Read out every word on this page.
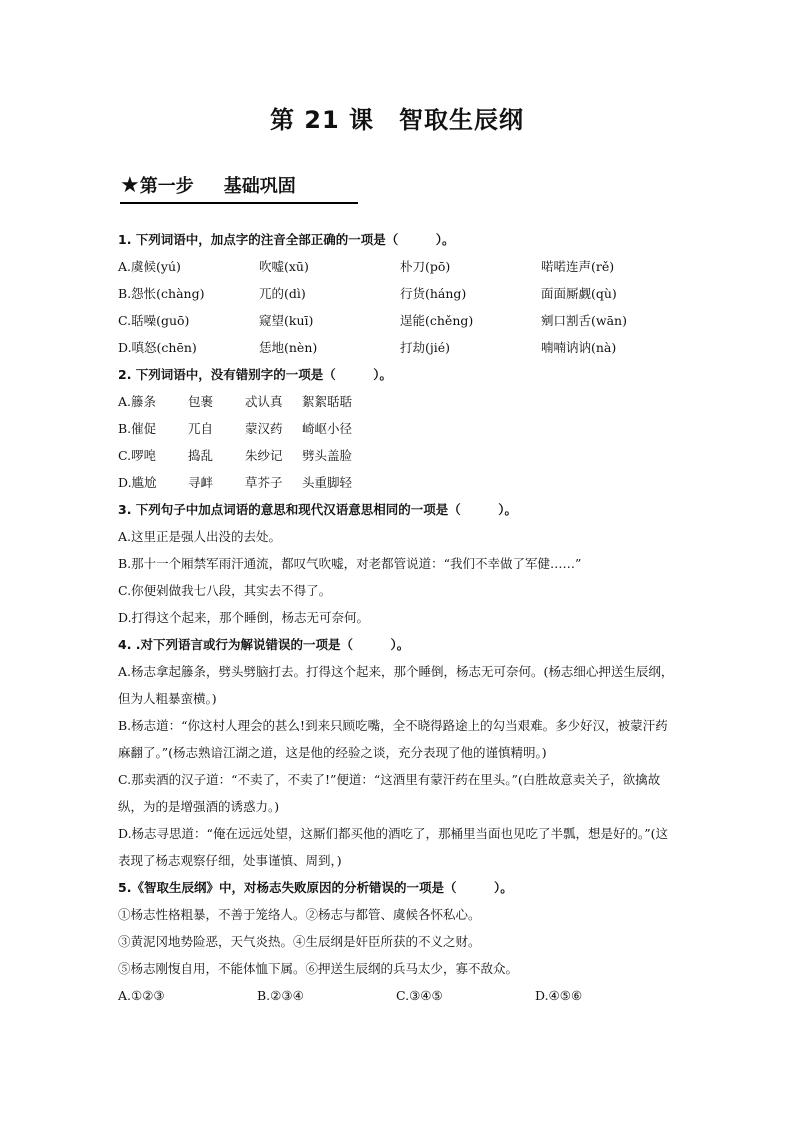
第 21 课　智取生辰纲
★第一步 基础巩固
1. 下列词语中，加点字的注音全部正确的一项是（　　　）。
A.虞候(yú)	吹嘘(xū)	朴刀(pō)	喏喏连声(rě)
B.怨怅(chàng)	兀的(dì)	行货(háng)	面面厮觑(qù)
C.聒噪(guō)	窥望(kuī)	逞能(chěng)	剜口割舌(wān)
D.嗔怒(chēn)	恁地(nèn)	打劫(jié)	喃喃讷讷(nà)
2. 下列词语中，没有错别字的一项是（　　　）。
A.籐条	包裹	忒认真 絮絮聒聒
B.催促	兀自	蒙汉药 崎岖小径
C.啰唣	捣乱	朱纱记 劈头盖脸
D.尴尬	寻衅	草芥子 头重脚轻
3. 下列句子中加点词语的意思和现代汉语意思相同的一项是（　　　）。
A.这里正是强人出没的去处。
B.那十一个厢禁军雨汗通流，都叹气吹嘘，对老都管说道：“我们不幸做了军健……”
C.你便剁做我七八段，其实去不得了。
D.打得这个起来，那个睡倒，杨志无可奈何。
4. .对下列语言或行为解说错误的一项是（　　　）。

A.杨志拿起籐条，劈头劈脑打去。打得这个起来，那个睡倒，杨志无可奈何。(杨志细心押送生辰纲，但为人粗暴蛮横。)

B.杨志道：“你这村人理会的甚么!到来只顾吃嘴，全不晓得路途上的勾当艰难。多少好汉，被蒙汗药麻翻了。”(杨志熟谙江湖之道，这是他的经验之谈，充分表现了他的谨慎精明。)

C.那卖酒的汉子道：“不卖了，不卖了!”便道：“这酒里有蒙汗药在里头。”(白胜故意卖关子，欲擒故纵，为的是增强酒的诱惑力。)

D.杨志寻思道：“俺在远远处望，这厮们都买他的酒吃了，那桶里当面也见吃了半瓢，想是好的。”(这表现了杨志观察仔细，处事谨慎、周到，)

5.《智取生辰纲》中，对杨志失败原因的分析错误的一项是（　　　）。
①杨志性格粗暴，不善于笼络人。②杨志与都管、虞候各怀私心。
③黄泥冈地势险恶，天气炎热。④生辰纲是奸臣所获的不义之财。
⑤杨志刚愎自用，不能体恤下属。⑥押送生辰纲的兵马太少，寡不敌众。
A.①②③	B.②③④	C.③④⑤	D.④⑤⑥
